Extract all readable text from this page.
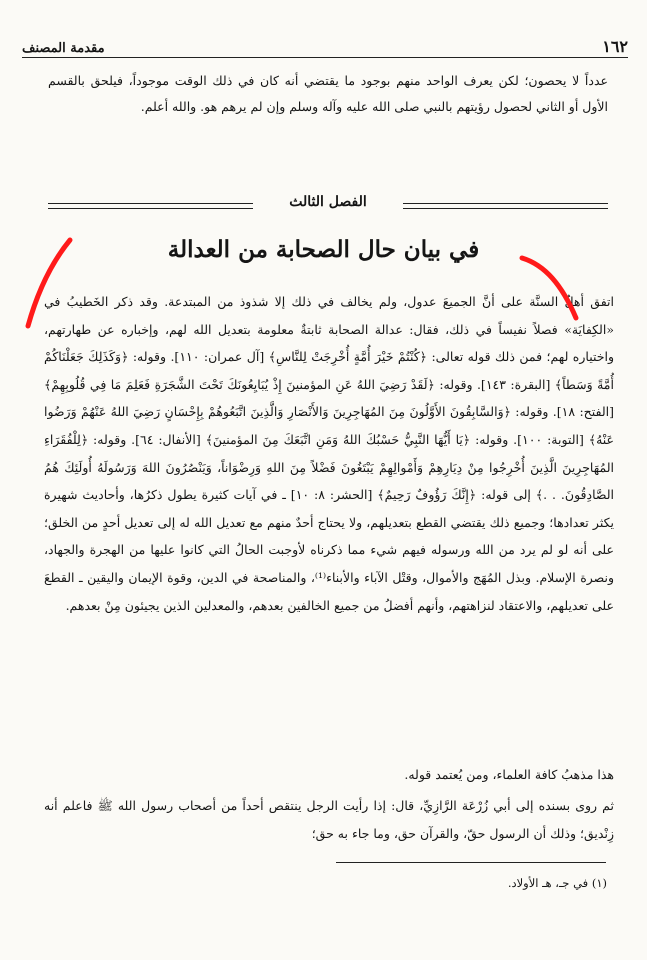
١٦٢
مقدمة المصنف

عدداً لا يحصون؛ لكن يعرف الواحد منهم بوجود ما يقتضي أنه كان في ذلك الوقت موجوداً، فيلحق بالقسم الأول أو الثاني لحصول رؤيتهم بالنبي صلى الله عليه وآله وسلم وإن لم يرهم هو. والله أعلم.

الفصل الثالث
في بيان حال الصحابة من العدالة

اتفق أهلُ السنَّة على أنَّ الجميعَ عدول، ولم يخالف في ذلك إلا شذوذ من المبتدعة. وقد ذكر الخَطيبُ في «الكِفايَة» فصلاً نفيساً في ذلك، فقال: عدالة الصحابة ثابتةٌ معلومة بتعديل الله لهم، وإخباره عن طهارتهم، واختياره لهم؛ فمن ذلك قوله تعالى: ﴿كُنْتُمْ خَيْرَ أُمَّةٍ أُخْرِجَتْ لِلنَّاسِ﴾ [آل عمران: ١١٠]. وقوله: ﴿وَكَذَلِكَ جَعَلْنَاكُمْ أُمَّةً وَسَطاً﴾ [البقرة: ١٤٣]. وقوله: ﴿لَقَدْ رَضِيَ اللهُ عَنِ المؤمنينَ إِذْ يُبَايِعُونَكَ تَحْتَ الشَّجَرَةِ فَعَلِمَ مَا فِي قُلُوبِهِمْ﴾ [الفتح: ١٨]. وقوله: ﴿وَالسَّابِقُونَ الأَوَّلُونَ مِنَ المُهَاجِرِينَ وَالأَنْصَارِ وَالَّذِينَ اتَّبَعُوهُمْ بِإِحْسَانٍ رَضِيَ اللهُ عَنْهُمْ وَرَضُوا عَنْهُ﴾ [التوبة: ١٠٠]. وقوله: ﴿يَا أَيُّهَا النَّبِيُّ حَسْبُكَ اللهُ وَمَنِ اتَّبَعَكَ مِنَ المؤمنينَ﴾ [الأنفال: ٦٤]. وقوله: ﴿لِلْفُقَرَاءِ المُهَاجِرِينَ الَّذِينَ أُخْرِجُوا مِنْ دِيَارِهِمْ وَأَمْوالِهِمْ يَبْتَغُونَ فَضْلاً مِنَ اللهِ وَرِضْوَاناً، وَيَنْصُرُونَ اللهَ وَرَسُولَهُ أُولَئِكَ هُمُ الصَّادِقُونَ. . .﴾ إلى قوله: ﴿إِنَّكَ رَؤُوفٌ رَحِيمٌ﴾ [الحشر: ٨: ١٠] ـ في آيات كثيرة يطول ذكرُها، وأحاديث شهيرة يكثر تعدادها؛ وجميع ذلك يقتضي القطع بتعديلهم، ولا يحتاج أحدٌ منهم مع تعديل الله له إلى تعديل أحدٍ من الخلق؛ على أنه لو لم يرد من الله ورسوله فيهم شيء مما ذكرناه لأوجبت الحالُ التي كانوا عليها من الهجرة والجهاد، ونصرة الإسلام. وبذل المُهَج والأموال، وقتْل الآباء والأبناء⁽¹⁾، والمناصحة في الدين، وقوة الإيمان واليقين ـ القطعَ على تعديلهم، والاعتقاد لنزاهتهم، وأنهم أفضلُ من جميع الخالفين بعدهم، والمعدلين الذين يجيئون مِنْ بعدهم.

هذا مذهبُ كافة العلماء، ومن يُعتمد قوله.

ثم روى بسنده إلى أبي زُرْعَة الرَّازِيِّ، قال: إذا رأيت الرجل ينتقص أحداً من أصحاب رسول الله ﷺ فاعلم أنه زِنْديق؛ وذلك أن الرسول حقّ، والقرآن حق، وما جاء به حق؛

(١) في جـ، هـ الأولاد.
